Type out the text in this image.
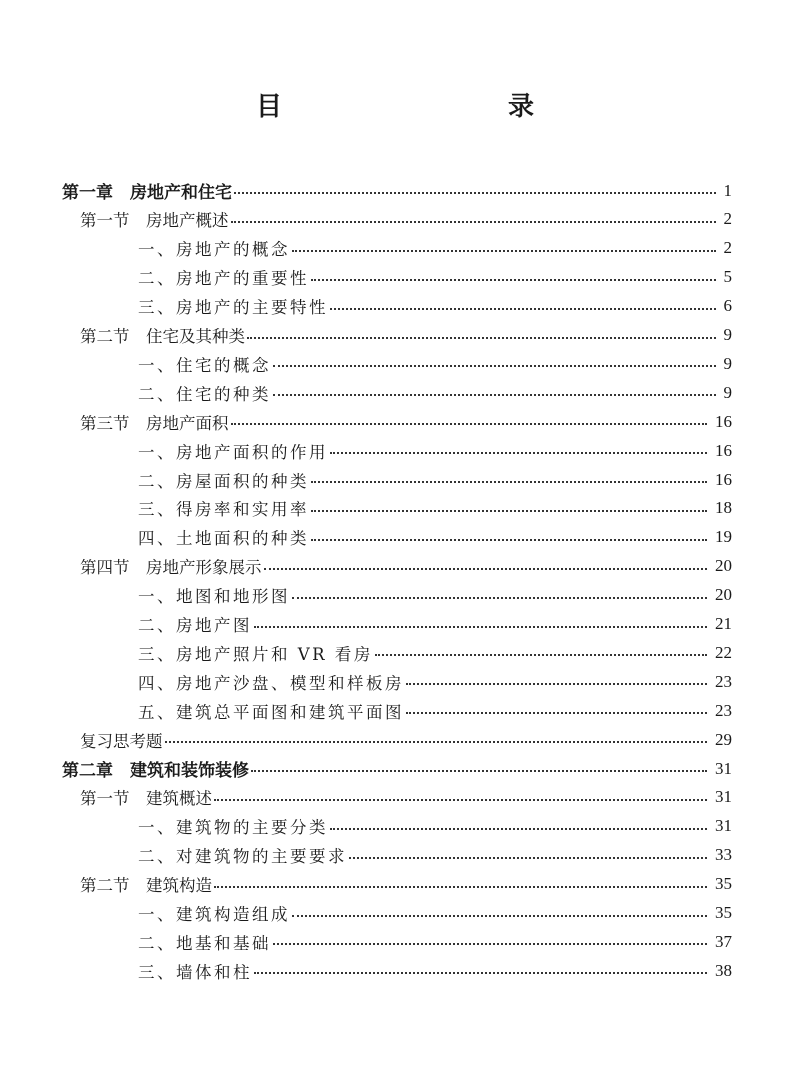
目　　录
第一章　房地产和住宅	1
第一节　房地产概述	2
一、房地产的概念	2
二、房地产的重要性	5
三、房地产的主要特性	6
第二节　住宅及其种类	9
一、住宅的概念	9
二、住宅的种类	9
第三节　房地产面积	16
一、房地产面积的作用	16
二、房屋面积的种类	16
三、得房率和实用率	18
四、土地面积的种类	19
第四节　房地产形象展示	20
一、地图和地形图	20
二、房地产图	21
三、房地产照片和 VR 看房	22
四、房地产沙盘、模型和样板房	23
五、建筑总平面图和建筑平面图	23
复习思考题	29
第二章　建筑和装饰装修	31
第一节　建筑概述	31
一、建筑物的主要分类	31
二、对建筑物的主要要求	33
第二节　建筑构造	35
一、建筑构造组成	35
二、地基和基础	37
三、墙体和柱	38
